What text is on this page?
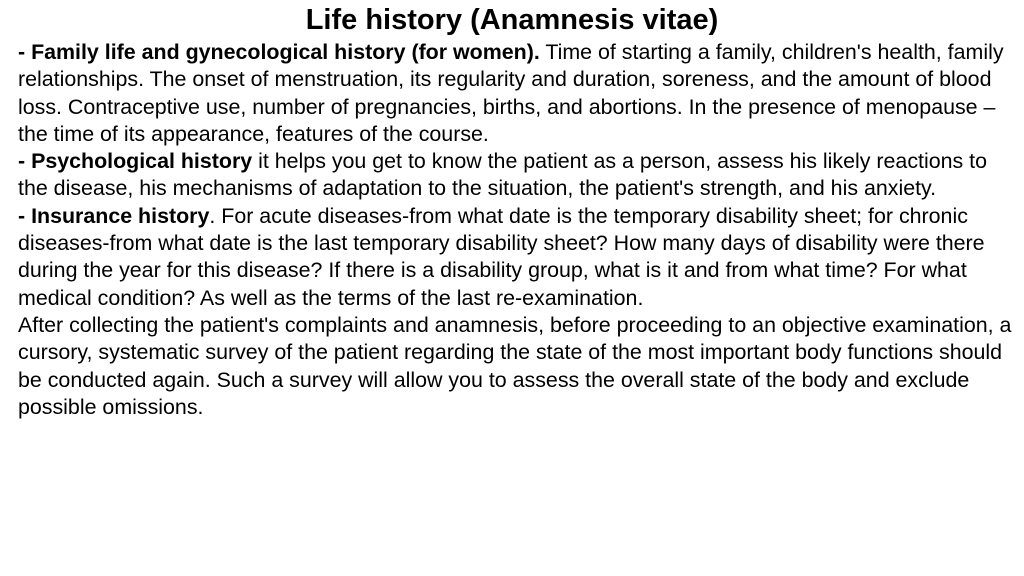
Life history (Anamnesis vitae)

- Family life and gynecological history (for women). Time of starting a family, children's health, family relationships. The onset of menstruation, its regularity and duration, soreness, and the amount of blood loss. Contraceptive use, number of pregnancies, births, and abortions. In the presence of menopause – the time of its appearance, features of the course.

- Psychological history it helps you get to know the patient as a person, assess his likely reactions to the disease, his mechanisms of adaptation to the situation, the patient's strength, and his anxiety.

- Insurance history. For acute diseases-from what date is the temporary disability sheet; for chronic diseases-from what date is the last temporary disability sheet? How many days of disability were there during the year for this disease? If there is a disability group, what is it and from what time? For what medical condition? As well as the terms of the last re-examination.

After collecting the patient's complaints and anamnesis, before proceeding to an objective examination, a cursory, systematic survey of the patient regarding the state of the most important body functions should be conducted again. Such a survey will allow you to assess the overall state of the body and exclude possible omissions.
